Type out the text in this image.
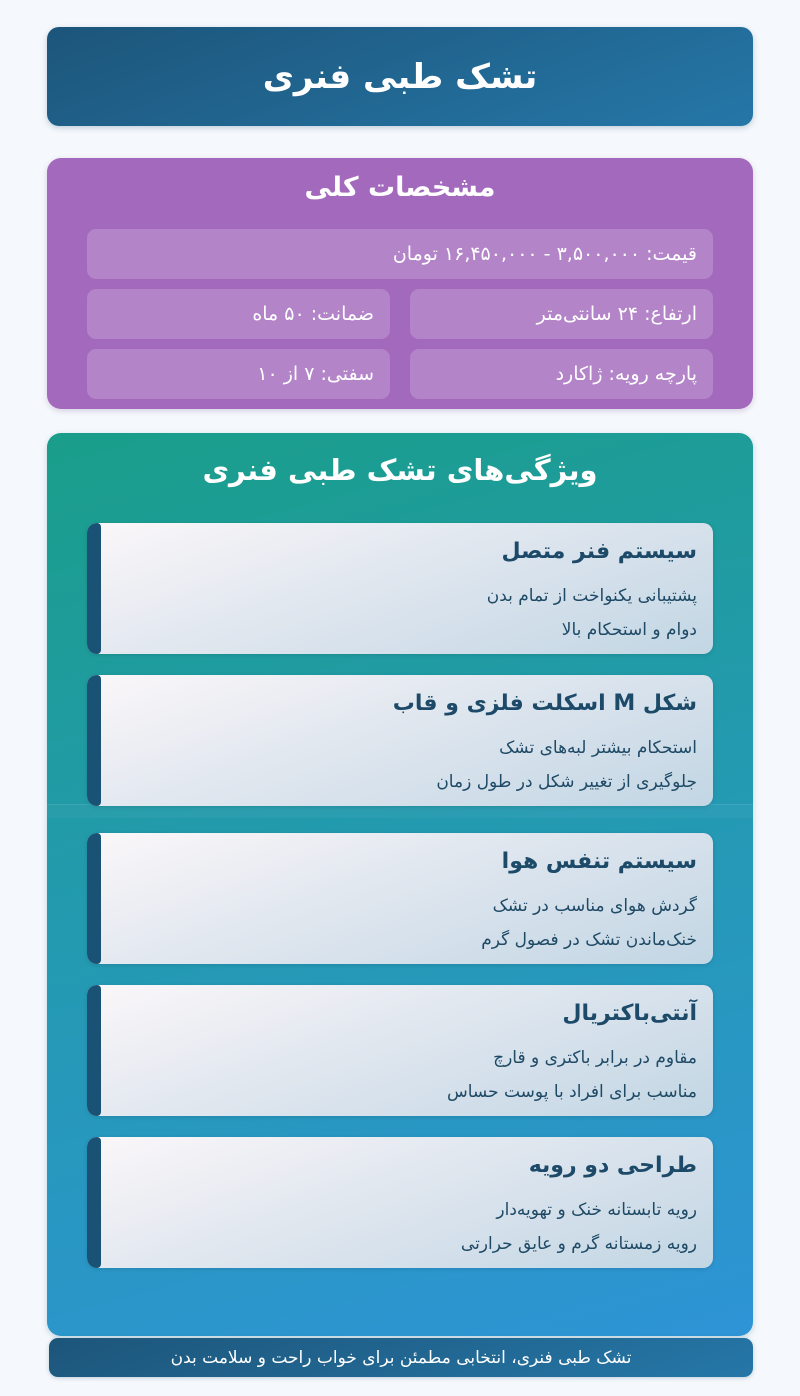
تشک طبی فنری
مشخصات کلی
قیمت: ۳,۵۰۰,۰۰۰ - ۱۶,۴۵۰,۰۰۰ تومان
ارتفاع: ۲۴ سانتی‌متر
ضمانت: ۵۰ ماه
پارچه رویه: ژاکارد
سفتی: ۷ از ۱۰
ویژگی‌های تشک طبی فنری
سیستم فنر متصل
پشتیبانی یکنواخت از تمام بدن
دوام و استحکام بالا
شکل M اسکلت فلزی و قاب
استحکام بیشتر لبه‌های تشک
جلوگیری از تغییر شکل در طول زمان
سیستم تنفس هوا
گردش هوای مناسب در تشک
خنک‌ماندن تشک در فصول گرم
آنتی‌باکتریال
مقاوم در برابر باکتری و قارچ
مناسب برای افراد با پوست حساس
طراحی دو رویه
رویه تابستانه خنک و تهویه‌دار
رویه زمستانه گرم و عایق حرارتی
تشک طبی فنری، انتخابی مطمئن برای خواب راحت و سلامت بدن
